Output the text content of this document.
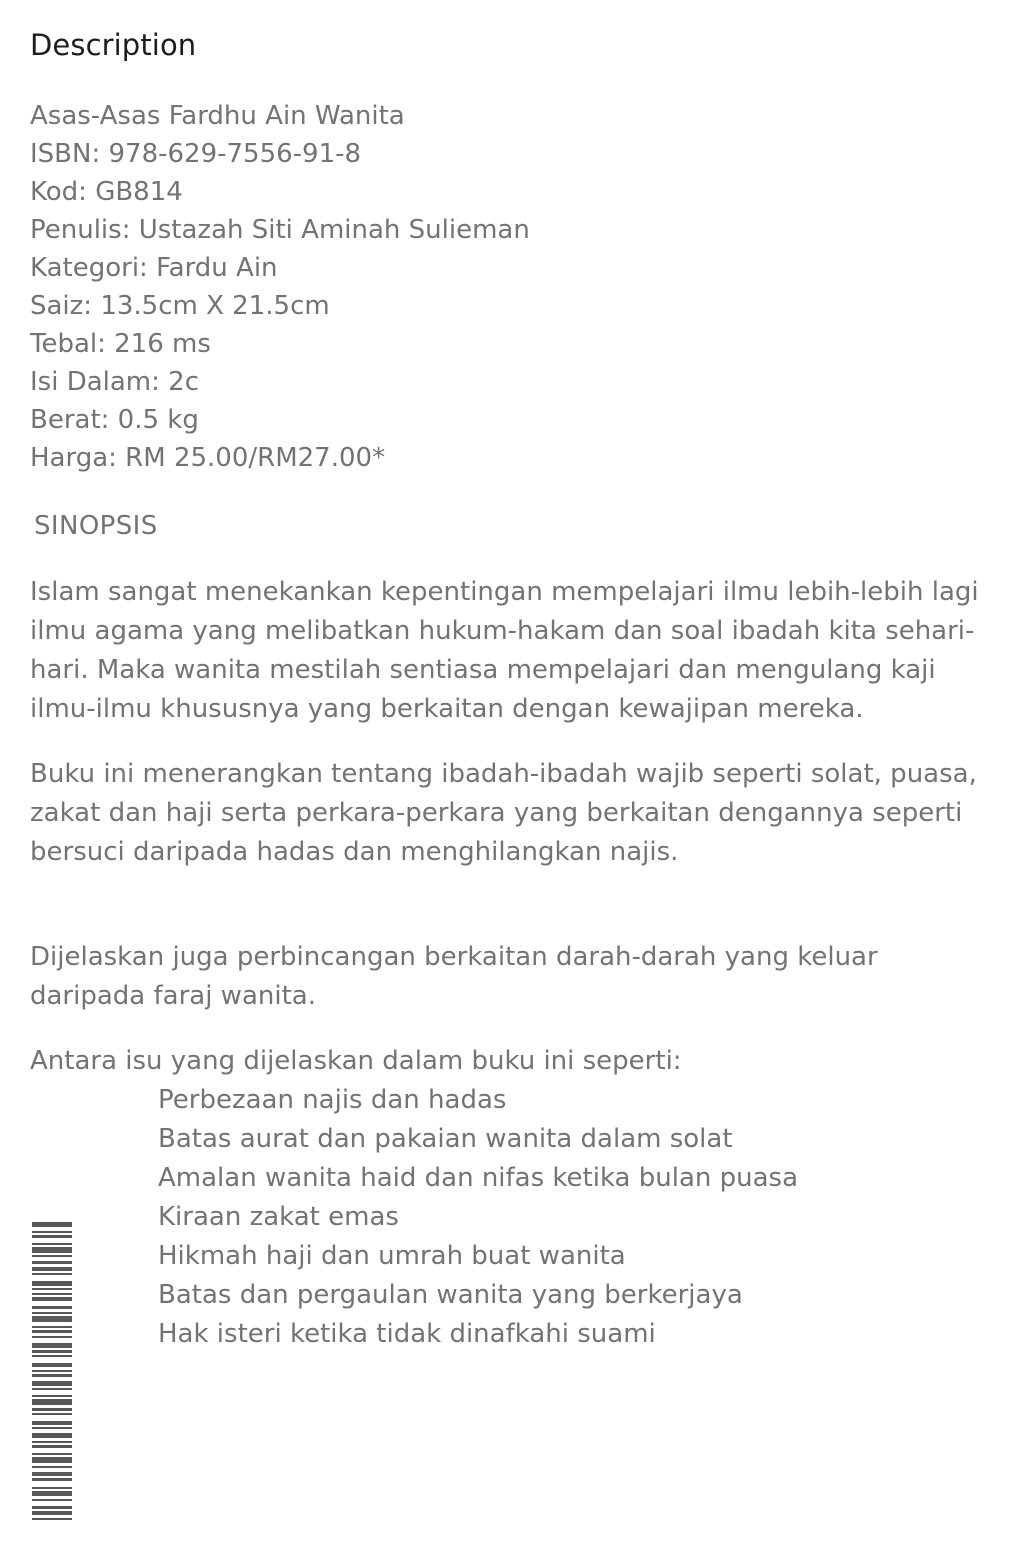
Description
Asas-Asas Fardhu Ain Wanita
ISBN: 978-629-7556-91-8
Kod: GB814
Penulis: Ustazah Siti Aminah Sulieman
Kategori: Fardu Ain
Saiz: 13.5cm X 21.5cm
Tebal: 216 ms
Isi Dalam: 2c
Berat: 0.5 kg
Harga: RM 25.00/RM27.00*
SINOPSIS

Islam sangat menekankan kepentingan mempelajari ilmu lebih-lebih lagi ilmu agama yang melibatkan hukum-hakam dan soal ibadah kita sehari-hari. Maka wanita mestilah sentiasa mempelajari dan mengulang kaji ilmu-ilmu khususnya yang berkaitan dengan kewajipan mereka.

Buku ini menerangkan tentang ibadah-ibadah wajib seperti solat, puasa, zakat dan haji serta perkara-perkara yang berkaitan dengannya seperti bersuci daripada hadas dan menghilangkan najis.

Dijelaskan juga perbincangan berkaitan darah-darah yang keluar daripada faraj wanita.

Antara isu yang dijelaskan dalam buku ini seperti:

Perbezaan najis dan hadas
Batas aurat dan pakaian wanita dalam solat
Amalan wanita haid dan nifas ketika bulan puasa
Kiraan zakat emas
Hikmah haji dan umrah buat wanita
Batas dan pergaulan wanita yang berkerjaya
Hak isteri ketika tidak dinafkahi suami
